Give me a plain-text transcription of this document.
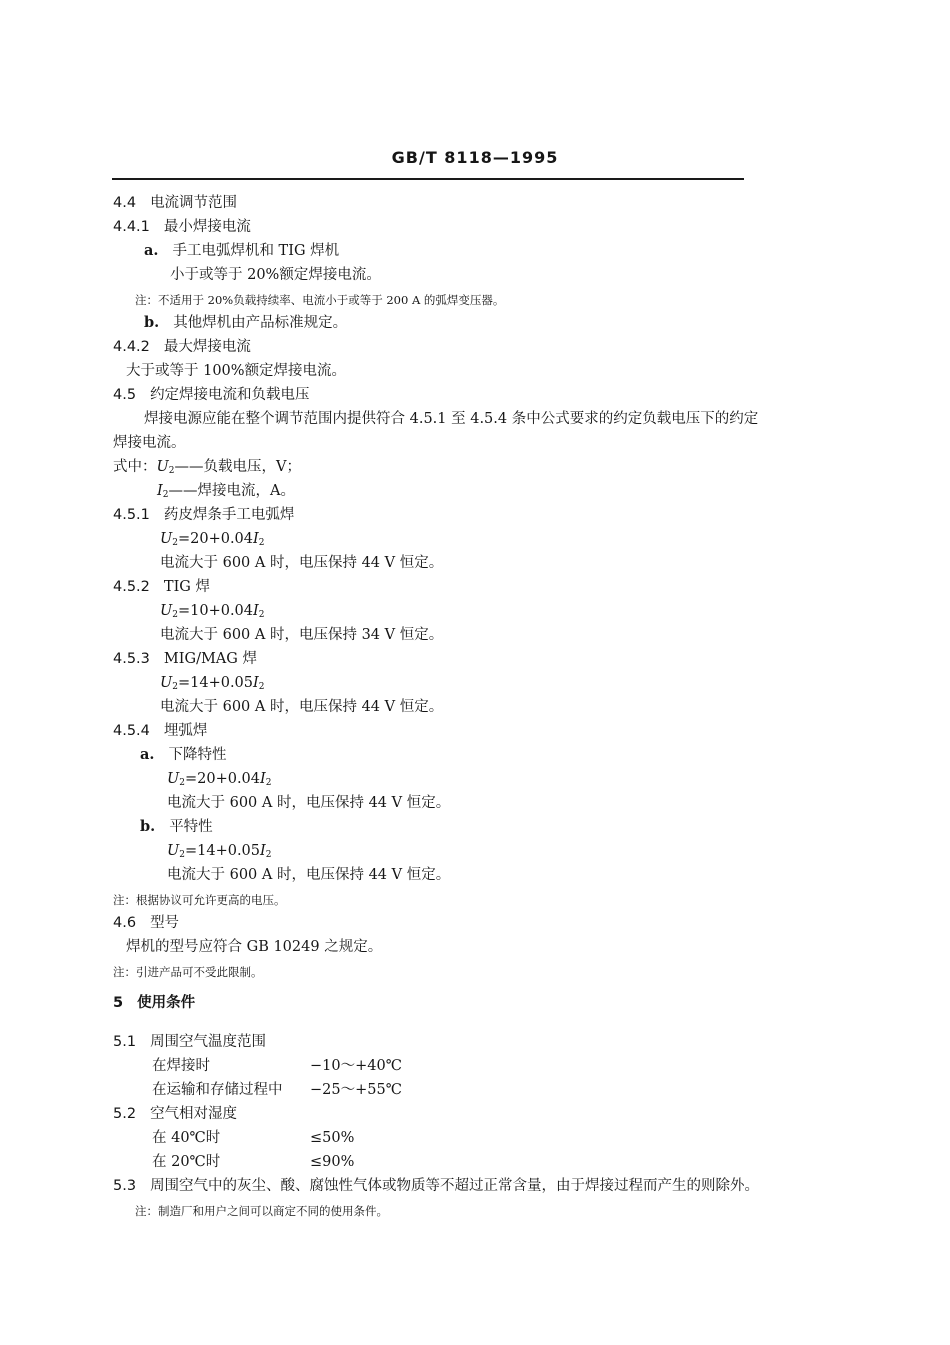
GB/T 8118—1995
4.4 电流调节范围
4.4.1 最小焊接电流
a. 手工电弧焊机和 TIG 焊机
小于或等于 20%额定焊接电流。
注：不适用于 20%负载持续率、电流小于或等于 200 A 的弧焊变压器。
b. 其他焊机由产品标准规定。
4.4.2 最大焊接电流
大于或等于 100%额定焊接电流。
4.5 约定焊接电流和负载电压
焊接电源应能在整个调节范围内提供符合 4.5.1 至 4.5.4 条中公式要求的约定负载电压下的约定
焊接电流。
式中：$U_2——$负载电压，V；
$I_2——$焊接电流，A。
4.5.1 药皮焊条手工电弧焊
$U_2=20+0.04I_2$
电流大于 600 A 时，电压保持 44 V 恒定。
4.5.2 TIG 焊
$U_2=10+0.04I_2$
电流大于 600 A 时，电压保持 34 V 恒定。
4.5.3 MIG/MAG 焊
$U_2=14+0.05I_2$
电流大于 600 A 时，电压保持 44 V 恒定。
4.5.4 埋弧焊
a. 下降特性
$U_2=20+0.04I_2$
电流大于 600 A 时，电压保持 44 V 恒定。
b. 平特性
$U_2=14+0.05I_2$
电流大于 600 A 时，电压保持 44 V 恒定。
注：根据协议可允许更高的电压。
4.6 型号
焊机的型号应符合 GB 10249 之规定。
注：引进产品可不受此限制。
5 使用条件
5.1 周围空气温度范围
在焊接时	−10～+40℃
在运输和存储过程中 −25～+55℃
5.2 空气相对湿度
在 40℃时	≤50%
在 20℃时	≤90%
5.3 周围空气中的灰尘、酸、腐蚀性气体或物质等不超过正常含量，由于焊接过程而产生的则除外。
注：制造厂和用户之间可以商定不同的使用条件。
